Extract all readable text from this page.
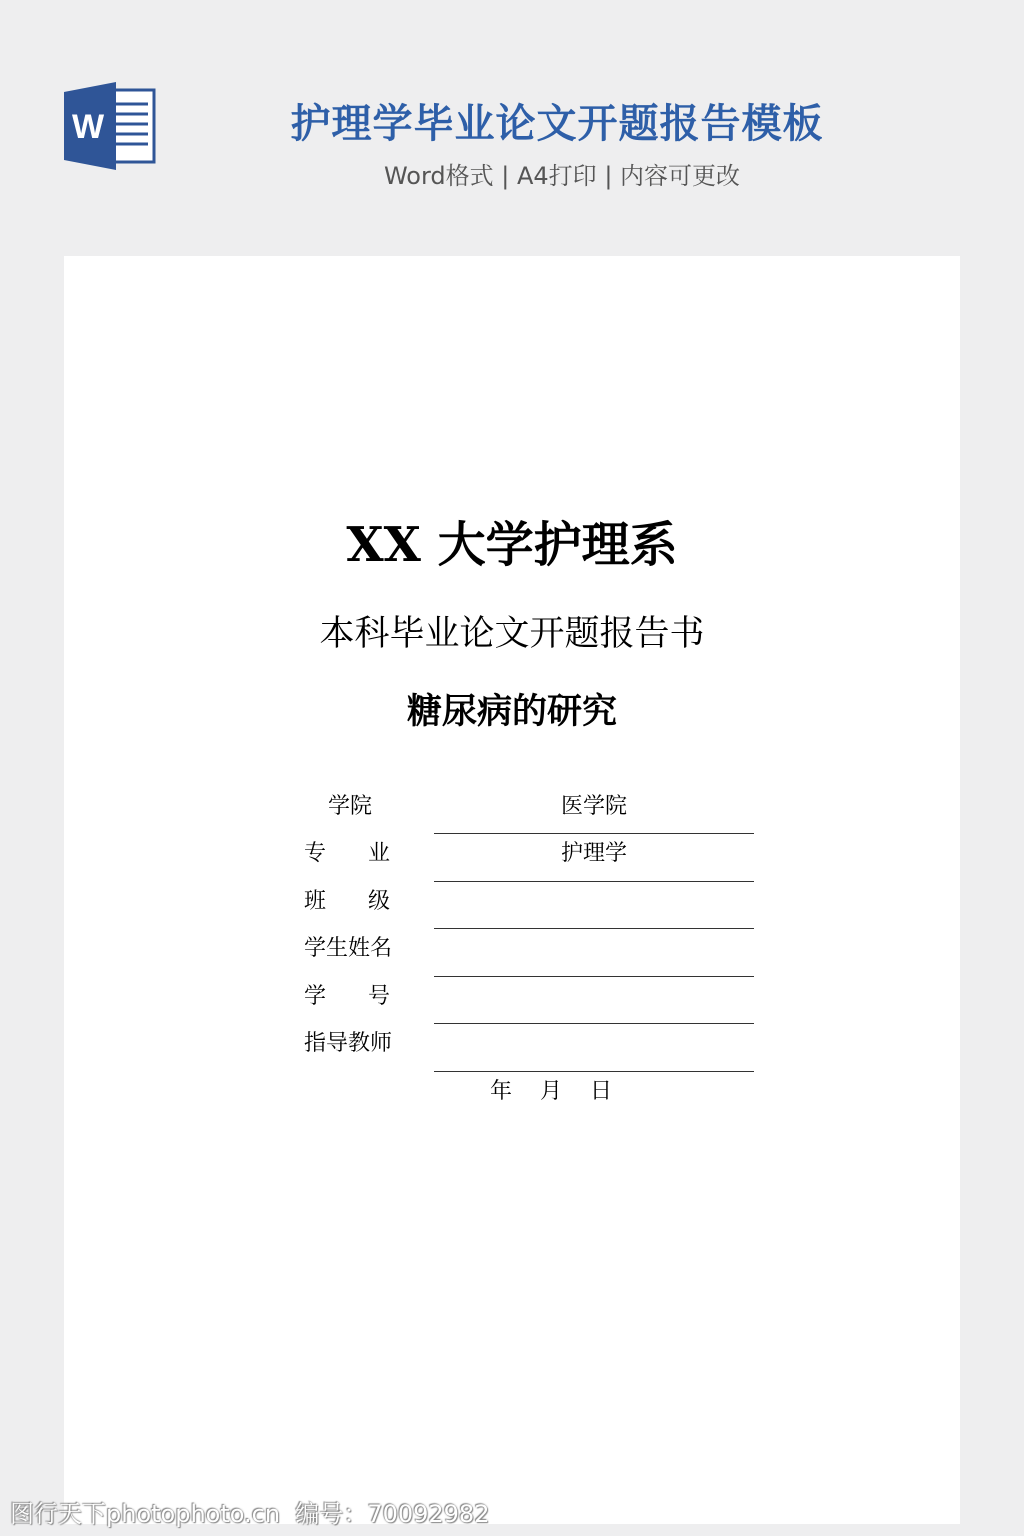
W	护理学毕业论文开题报告模板
Word格式 | A4打印 | 内容可更改
XX 大学护理系
本科毕业论文开题报告书
糖尿病的研究
学院	医学院
专      业	护理学
班      级
学生姓名
学      号
指导教师
年    月    日
图行天下photophoto.cn  编号：70092982
